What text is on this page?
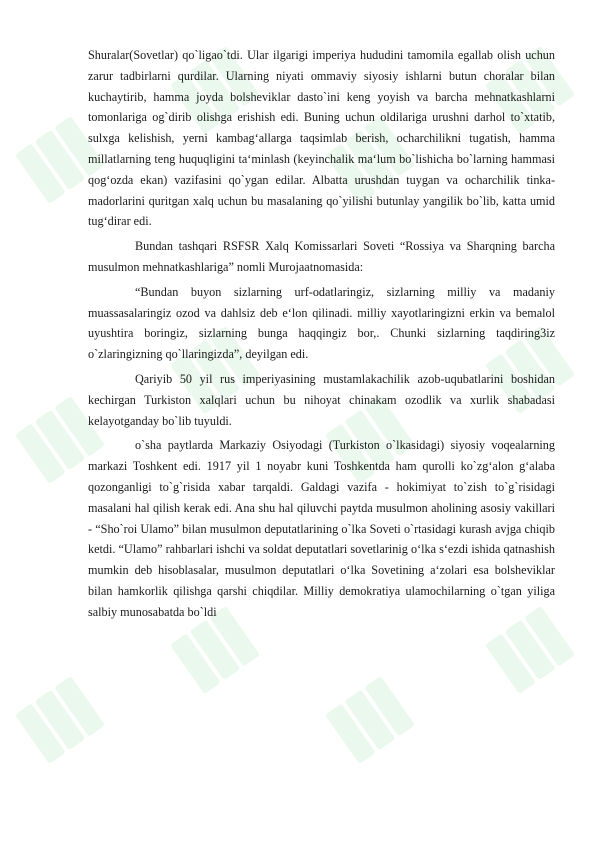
Shuralar(Sovetlar) qo`ligao`tdi. Ular ilgarigi imperiya hududini tamomila egallab olish uchun zarur tadbirlarni qurdilar. Ularning niyati ommaviy siyosiy ishlarni butun choralar bilan kuchaytirib, hamma joyda bolsheviklar dasto`ini keng yoyish va barcha mehnatkashlarni tomonlariga og`dirib olishga erishish edi. Buning uchun oldilariga urushni darhol to`xtatib, sulxga kelishish, yerni kambag‘allarga taqsimlab berish, ocharchilikni tugatish, hamma millatlarning teng huquqligini ta‘minlash (keyinchalik ma‘lum bo`lishicha bo`larning hammasi qog‘ozda ekan) vazifasini qo`ygan edilar. Albatta urushdan tuygan va ocharchilik tinka-madorlarini quritgan xalq uchun bu masalaning qo`yilishi butunlay yangilik bo`lib, katta umid tug‘dirar edi.

Bundan tashqari RSFSR Xalq Komissarlari Soveti “Rossiya va Sharqning barcha musulmon mehnatkashlariga” nomli Murojaatnomasida:

“Bundan buyon sizlarning urf-odatlaringiz, sizlarning milliy va madaniy muassasalaringiz ozod va dahlsiz deb e‘lon qilinadi. milliy xayotlaringizni erkin va bemalol uyushtira boringiz, sizlarning bunga haqqingiz bor,. Chunki sizlarning taqdiring3iz o`zlaringizning qo`llaringizda”, deyilgan edi.

Qariyib 50 yil rus imperiyasining mustamlakachilik azob-uqubatlarini boshidan kechirgan Turkiston xalqlari uchun bu nihoyat chinakam ozodlik va xurlik shabadasi kelayotganday bo`lib tuyuldi.

o`sha paytlarda Markaziy Osiyodagi (Turkiston o`lkasidagi) siyosiy voqealarning markazi Toshkent edi. 1917 yil 1 noyabr kuni Toshkentda ham qurolli ko`zg‘alon g‘alaba qozonganligi to`g`risida xabar tarqaldi. Galdagi vazifa - hokimiyat to`zish to`g`risidagi masalani hal qilish kerak edi. Ana shu hal qiluvchi paytda musulmon aholining asosiy vakillari - “Sho`roi Ulamo” bilan musulmon deputatlarining o`lka Soveti o`rtasidagi kurash avjga chiqib ketdi. “Ulamo” rahbarlari ishchi va soldat deputatlari sovetlarinig o‘lka s‘ezdi ishida qatnashish mumkin deb hisoblasalar, musulmon deputatlari o‘lka Sovetining a‘zolari esa bolsheviklar bilan hamkorlik qilishga qarshi chiqdilar. Milliy demokratiya ulamochilarning o`tgan yiliga salbiy munosabatda bo`ldi
